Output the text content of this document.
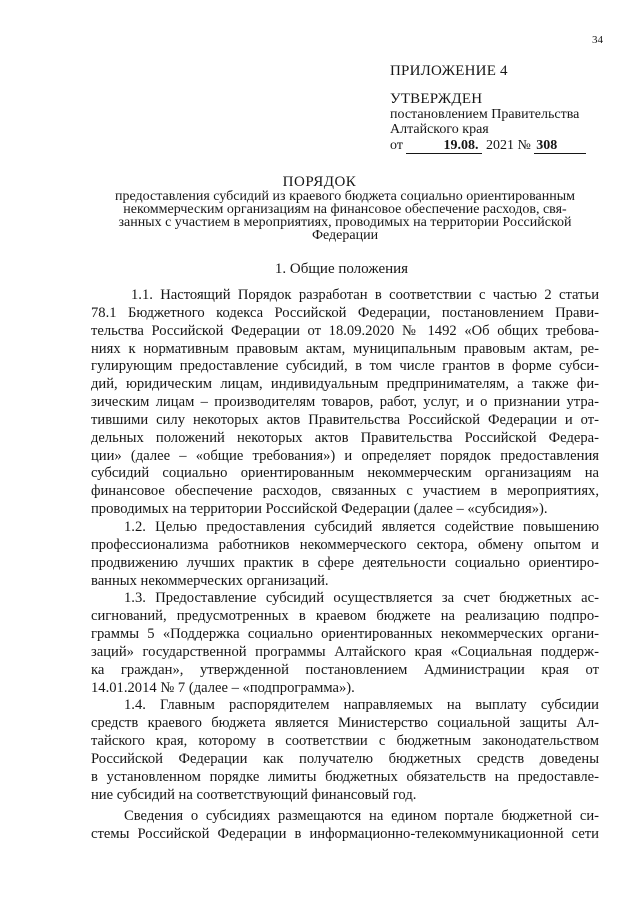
34
ПРИЛОЖЕНИЕ 4
УТВЕРЖДЕН
постановлением Правительства
Алтайского края
от	19.08. 2021 № 308
ПОРЯДОК
предоставления субсидий из краевого бюджета социально ориентированным
некоммерческим организациям на финансовое обеспечение расходов, свя-
занных с участием в мероприятиях, проводимых на территории Российской
Федерации
1. Общие положения
1.1. Настоящий Порядок разработан в соответствии с частью 2 статьи
78.1 Бюджетного кодекса Российской Федерации, постановлением Прави-
тельства Российской Федерации от 18.09.2020 № 1492 «Об общих требова-
ниях к нормативным правовым актам, муниципальным правовым актам, ре-
гулирующим предоставление субсидий, в том числе грантов в форме субси-
дий, юридическим лицам, индивидуальным предпринимателям, а также фи-
зическим лицам – производителям товаров, работ, услуг, и о признании утра-
тившими силу некоторых актов Правительства Российской Федерации и от-
дельных положений некоторых актов Правительства Российской Федера-
ции» (далее – «общие требования») и определяет порядок предоставления
субсидий социально ориентированным некоммерческим организациям на
финансовое обеспечение расходов, связанных с участием в мероприятиях,
проводимых на территории Российской Федерации (далее – «субсидия»).
1.2. Целью предоставления субсидий является содействие повышению
профессионализма работников некоммерческого сектора, обмену опытом и
продвижению лучших практик в сфере деятельности социально ориентиро-
ванных некоммерческих организаций.
1.3. Предоставление субсидий осуществляется за счет бюджетных ас-
сигнований, предусмотренных в краевом бюджете на реализацию подпро-
граммы 5 «Поддержка социально ориентированных некоммерческих органи-
заций» государственной программы Алтайского края «Социальная поддерж-
ка граждан», утвержденной постановлением Администрации края от
14.01.2014 № 7 (далее – «подпрограмма»).
1.4. Главным распорядителем направляемых на выплату субсидии
средств краевого бюджета является Министерство социальной защиты Ал-
тайского края, которому в соответствии с бюджетным законодательством
Российской Федерации как получателю бюджетных средств доведены
в установленном порядке лимиты бюджетных обязательств на предоставле-
ние субсидий на соответствующий финансовый год.
Сведения о субсидиях размещаются на едином портале бюджетной си-
стемы Российской Федерации в информационно-телекоммуникационной сети
